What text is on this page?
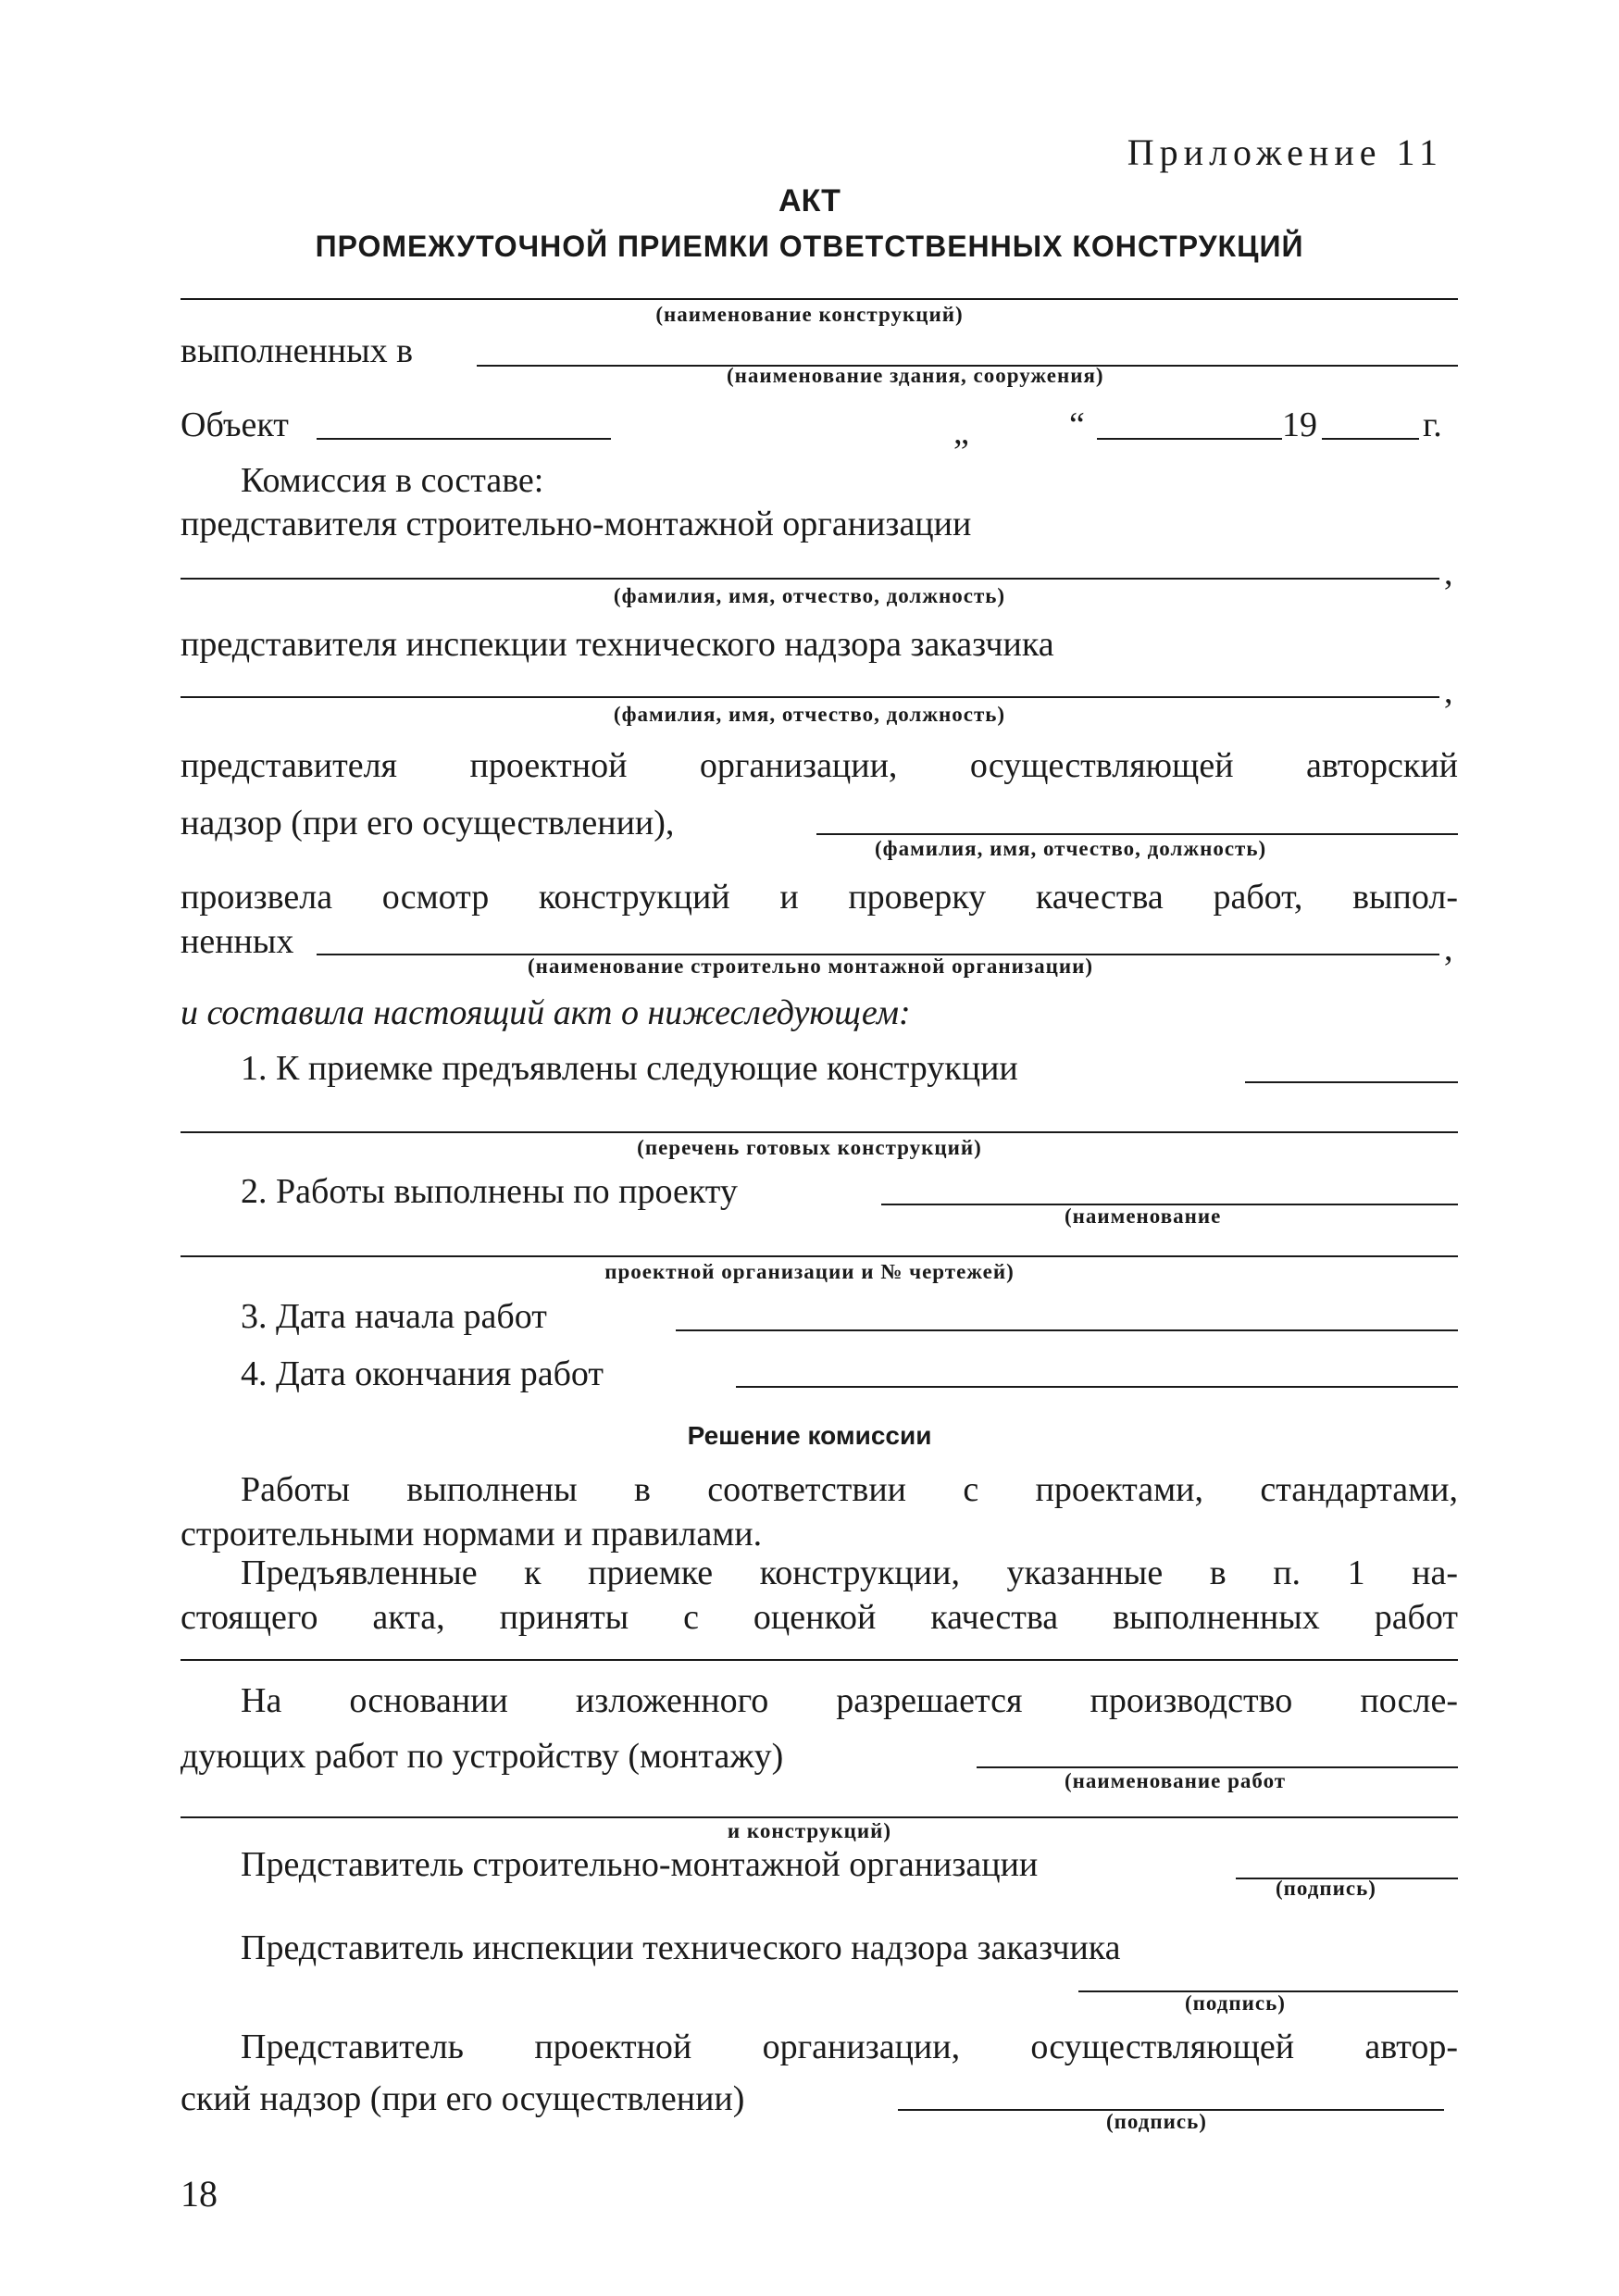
Приложение 11
АКТ
ПРОМЕЖУТОЧНОЙ ПРИЕМКИ ОТВЕТСТВЕННЫХ КОНСТРУКЦИЙ
(наименование конструкций)
выполненных в
(наименование здания, сооружения)
Объект	„	“	19	г.
Комиссия в составе:
представителя строительно-монтажной организации
,
(фамилия, имя, отчество, должность)
представителя инспекции технического надзора заказчика
,
(фамилия, имя, отчество, должность)
представителя проектной организации, осуществляющей авторский
надзор (при его осуществлении),
(фамилия, имя, отчество, должность)
произвела осмотр конструкций и проверку качества работ, выпол-
ненных	,
(наименование строительно монтажной организации)
и составила настоящий акт о нижеследующем:
1. К приемке предъявлены следующие конструкции
(перечень готовых конструкций)
2. Работы выполнены по проекту
(наименование
проектной организации и № чертежей)
3. Дата начала работ
4. Дата окончания работ
Решение комиссии
Работы выполнены в соответствии с проектами, стандартами,
строительными нормами и правилами.
Предъявленные к приемке конструкции, указанные в п. 1 на-
стоящего акта, приняты с оценкой качества выполненных работ
На основании изложенного разрешается производство после-
дующих работ по устройству (монтажу)
(наименование работ
и конструкций)
Представитель строительно-монтажной организации
(подпись)
Представитель инспекции технического надзора заказчика
(подпись)
Представитель проектной организации, осуществляющей автор-
ский надзор (при его осуществлении)
(подпись)
18
